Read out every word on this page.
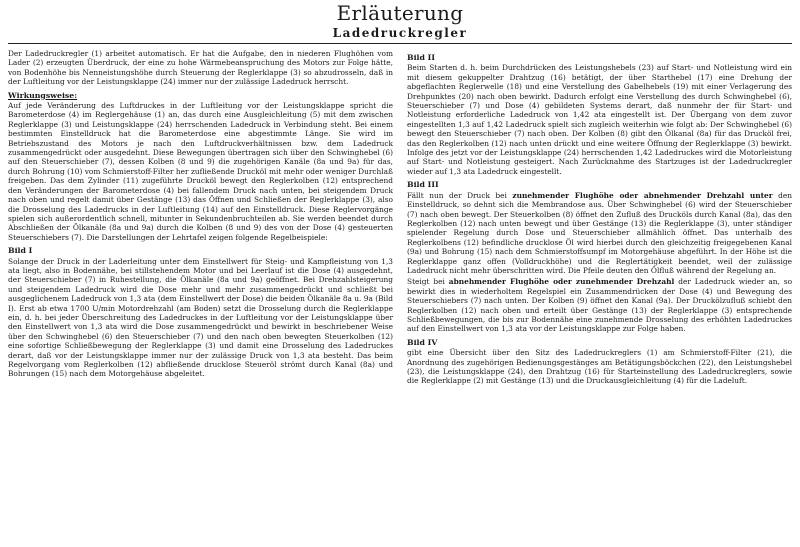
Erläuterung
Ladedruckregler

Der Ladedruckregler (1) arbeitet automatisch. Er hat die Aufgabe, den in niederen Flughöhen vom Lader (2) erzeugten Überdruck, der eine zu hohe Wärmebeanspruchung des Motors zur Folge hätte, von Bodenhöhe bis Nenneistungshöhe durch Steuerung der Reglerklappe (3) so abzudrosseln, daß in der Luftleitung vor der Leistungsklappe (24) immer nur der zulässige Ladedruck herrscht.

Wirkungsweise:

Auf jede Veränderung des Luftdruckes in der Luftleitung vor der Leistungsklappe spricht die Barometerdose (4) im Reglergehäuse (1) an, das durch eine Ausgleichleitung (5) mit dem zwischen Reglerklappe (3) und Leistungsklappe (24) herrschenden Ladedruck in Verbindung steht. Bei einem bestimmten Einstelldruck hat die Barometerdose eine abgestimmte Länge. Sie wird im Betriebszustand des Motors je nach den Luftdruckverhältnissen bzw. dem Ladedruck zusammengedrückt oder ausgedehnt. Diese Bewegungen übertragen sich über den Schwinghebel (6) auf den Steuerschieber (7), dessen Kolben (8 und 9) die zugehörigen Kanäle (8a und 9a) für das, durch Bohrung (10) vom Schmierstoff-Filter her zufließende Drucköl mit mehr oder weniger Durchlaß freigeben. Das dem Zylinder (11) zugeführte Drucköl bewegt den Reglerkolben (12) entsprechend den Veränderungen der Barometerdose (4) bei fallendem Druck nach unten, bei steigendem Druck nach oben und regelt damit über Gestänge (13) das Öffnen und Schließen der Reglerklappe (3), also die Drosselung des Ladedrucks in der Luftleitung (14) auf den Einstelldruck. Diese Reglervorgänge spielen sich außerordentlich schnell, mitunter in Sekundenbruchteilen ab. Sie werden beendet durch Abschließen der Ölkanäle (8a und 9a) durch die Kolben (8 und 9) des von der Dose (4) gesteuerten Steuerschiebers (7). Die Darstellungen der Lehrtafel zeigen folgende Regelbeispiele:

Bild I

Solange der Druck in der Laderleitung unter dem Einstellwert für Steig- und Kampfleistung von 1,3 ata liegt, also in Bodennähe, bei stillstehendem Motor und bei Leerlauf ist die Dose (4) ausgedehnt, der Steuerschieber (7) in Ruhestellung, die Ölkanäle (8a und 9a) geöffnet. Bei Drehzahlsteigerung und steigendem Ladedruck wird die Dose mehr und mehr zusammengedrückt und schließt bei ausgeglichenem Ladedruck von 1,3 ata (dem Einstellwert der Dose) die beiden Ölkanäle 8a u. 9a (Bild I). Erst ab etwa 1700 U/min Motordrehzahl (am Boden) setzt die Drosselung durch die Reglerklappe ein, d. h. bei jeder Überschreitung des Ladedruckes in der Luftleitung vor der Leistungsklappe über den Einstellwert von 1,3 ata wird die Dose zusammengedrückt und bewirkt in beschriebener Weise über den Schwinghebel (6) den Steuerschieber (7) und den nach oben bewegten Steuerkolben (12) eine sofortige Schließbewegung der Reglerklappe (3) und damit eine Drosselung des Ladedruckes derart, daß vor der Leistungsklappe immer nur der zulässige Druck von 1,3 ata besteht. Das beim Regelvorgang vom Reglerkolben (12) abfließende drucklose Steueröl strömt durch Kanal (8a) und Bohrungen (15) nach dem Motorgehäuse abgeleitet.

Bild II

Beim Starten d. h. beim Durchdrücken des Leistungshebels (23) auf Start- und Notleistung wird ein mit diesem gekuppelter Drahtzug (16) betätigt, der über Starthebel (17) eine Drehung der abgeflachten Reglerwelle (18) und eine Verstellung des Gabelhebels (19) mit einer Verlagerung des Drehpunktes (20) nach oben bewirkt. Dadurch erfolgt eine Verstellung des durch Schwinghebel (6), Steuerschieber (7) und Dose (4) gebildeten Systems derart, daß nunmehr der für Start- und Notleistung erforderliche Ladedruck von 1,42 ata eingestellt ist. Der Übergang von dem zuvor eingestellten 1,3 auf 1,42 Ladedruck spielt sich zugleich weiterhin wie folgt ab: Der Schwinghebel (6) bewegt den Steuerschieber (7) nach oben. Der Kolben (8) gibt den Ölkanal (8a) für das Drucköl frei, das den Reglerkolben (12) nach unten drückt und eine weitere Öffnung der Reglerklappe (3) bewirkt. Infolge des jetzt vor der Leistungsklappe (24) herrschenden 1,42 Ladedruckes wird die Motorleistung auf Start- und Notleistung gesteigert. Nach Zurücknahme des Startzuges ist der Ladedruckregler wieder auf 1,3 ata Ladedruck eingestellt.

Bild III

Fällt nun der Druck bei zunehmender Flughöhe oder abnehmender Drehzahl unter den Einstelldruck, so dehnt sich die Membrandose aus. Über Schwinghebel (6) wird der Steuerschieber (7) nach oben bewegt. Der Steuerkolben (8) öffnet den Zufluß des Drucköls durch Kanal (8a), das den Reglerkolben (12) nach unten bewegt und über Gestänge (13) die Reglerklappe (3), unter ständiger spielender Regelung durch Dose und Steuerschieber allmählich öffnet. Das unterhalb des Reglerkolbens (12) befindliche drucklose Öl wird hierbei durch den gleichzeitig freigegebenen Kanal (9a) und Bohrung (15) nach dem Schmierstoffsumpf im Motorgehäuse abgeführt. In der Höhe ist die Reglerklappe ganz offen (Volldruckhöhe) und die Reglertätigkeit beendet, weil der zulässige Ladedruck nicht mehr überschritten wird. Die Pfeile deuten den Ölfluß während der Regelung an.

Steigt bei abnehmender Flughöhe oder zunehmender Drehzahl der Ladedruck wieder an, so bewirkt dies in wiederholtem Regelspiel ein Zusammendrücken der Dose (4) und Bewegung des Steuerschiebers (7) nach unten. Der Kolben (9) öffnet den Kanal (9a). Der Druckölzufluß schiebt den Reglerkolben (12) nach oben und erteilt über Gestänge (13) der Reglerklappe (3) entsprechende Schließbewegungen, die bis zur Bodennähe eine zunehmende Drosselung des erhöhten Ladedruckes auf den Einstellwert von 1,3 ata vor der Leistungsklappe zur Folge haben.

Bild IV

gibt eine Übersicht über den Sitz des Ladedruckreglers (1) am Schmierstoff-Filter (21), die Anordnung des zugehörigen Bedienungsgestänges am Betätigungsböckchen (22), den Leistungshebel (23), die Leistungsklappe (24), den Drahtzug (16) für Starteinstellung des Ladedruckreglers, sowie die Reglerklappe (2) mit Gestänge (13) und die Druckausgleichleitung (4) für die Ladeluft.
